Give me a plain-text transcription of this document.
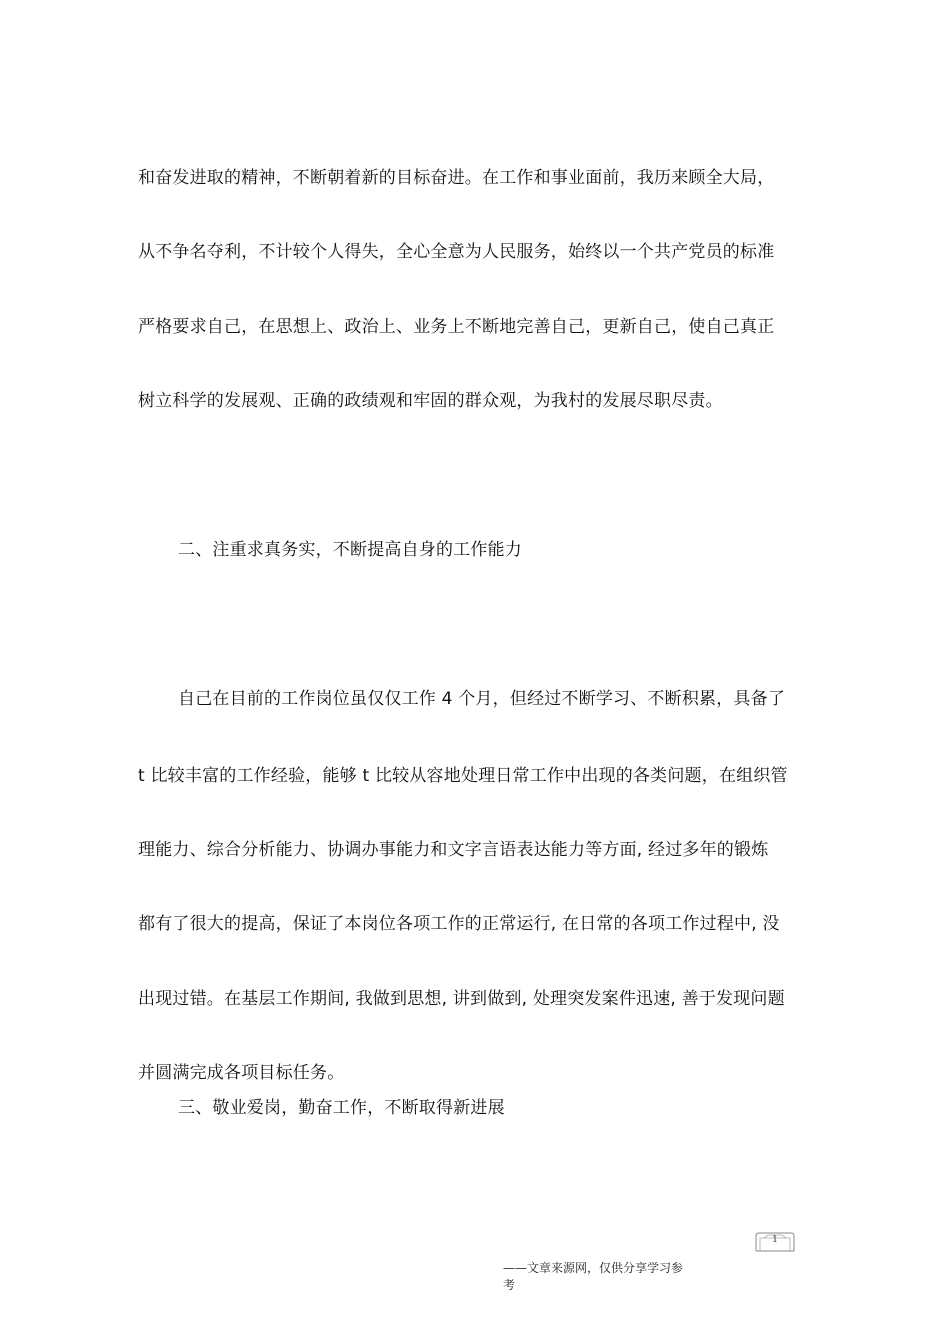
和奋发进取的精神，不断朝着新的目标奋进。在工作和事业面前，我历来顾全大局，
从不争名夺利，不计较个人得失，全心全意为人民服务，始终以一个共产党员的标准
严格要求自己，在思想上、政治上、业务上不断地完善自己，更新自己，使自己真正
树立科学的发展观、正确的政绩观和牢固的群众观，为我村的发展尽职尽责。
二、注重求真务实，不断提高自身的工作能力
自己在目前的工作岗位虽仅仅工作 4 个月，但经过不断学习、不断积累，具备了
t 比较丰富的工作经验，能够 t 比较从容地处理日常工作中出现的各类问题，在组织管
理能力、综合分析能力、协调办事能力和文字言语表达能力等方面, 经过多年的锻炼
都有了很大的提高，保证了本岗位各项工作的正常运行, 在日常的各项工作过程中, 没
出现过错。在基层工作期间, 我做到思想, 讲到做到, 处理突发案件迅速, 善于发现问题
并圆满完成各项目标任务。
三、敬业爱岗，勤奋工作，不断取得新进展
1
——文章来源网，仅供分享学习参
考
